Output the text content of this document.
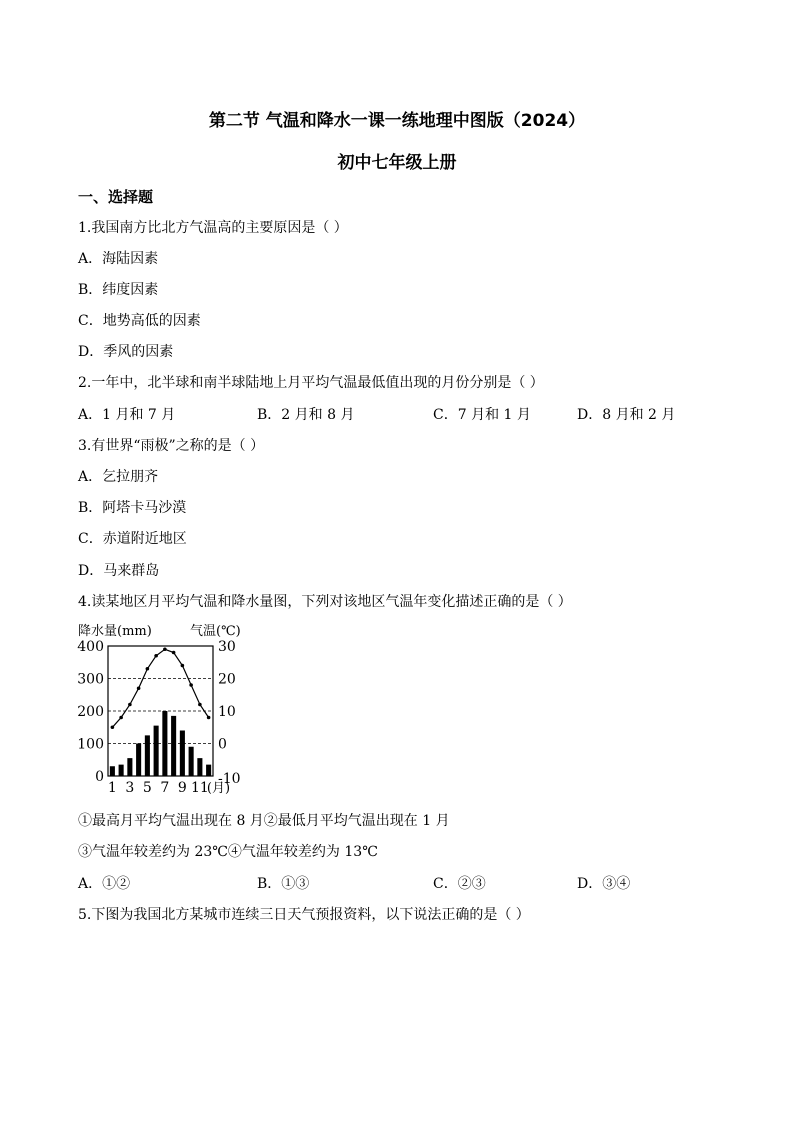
第二节 气温和降水一课一练地理中图版（2024）
初中七年级上册
一、选择题
1.我国南方比北方气温高的主要原因是（ ）
A．海陆因素
B．纬度因素
C．地势高低的因素
D．季风的因素
2.一年中，北半球和南半球陆地上月平均气温最低值出现的月份分别是（ ）
A．1 月和 7 月	B．2 月和 8 月	C．7 月和 1 月	D．8 月和 2 月
3.有世界“雨极”之称的是（ ）
A．乞拉朋齐
B．阿塔卡马沙漠
C．赤道附近地区
D．马来群岛
4.读某地区月平均气温和降水量图，下列对该地区气温年变化描述正确的是（ ）
降水量(mm)	气温(℃)
400
300
200
100
0
30
20
10
0
-10
1 3 5 7 9 11
(月)
①最高月平均气温出现在 8 月②最低月平均气温出现在 1 月
③气温年较差约为 23℃④气温年较差约为 13℃
A．①②	B．①③	C．②③	D．③④
5.下图为我国北方某城市连续三日天气预报资料，以下说法正确的是（ ）
